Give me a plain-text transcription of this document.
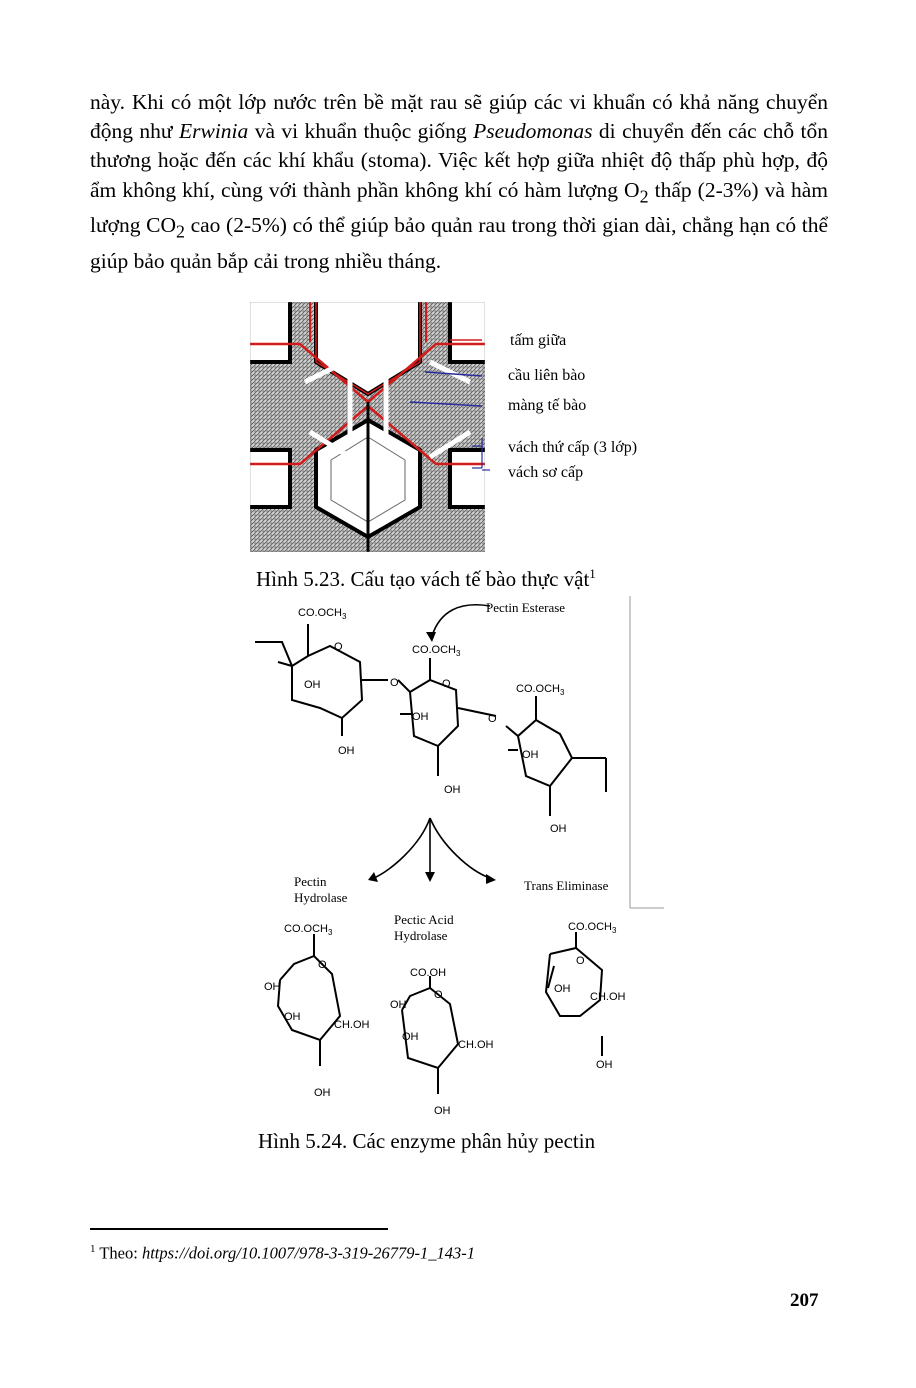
này. Khi có một lớp nước trên bề mặt rau sẽ giúp các vi khuẩn có khả năng chuyển động như Erwinia và vi khuẩn thuộc giống Pseudomonas di chuyển đến các chỗ tổn thương hoặc đến các khí khẩu (stoma). Việc kết hợp giữa nhiệt độ thấp phù hợp, độ ẩm không khí, cùng với thành phần không khí có hàm lượng $O_2$ thấp (2-3%) và hàm lượng $CO_2$ cao (2-5%) có thể giúp bảo quản rau trong thời gian dài, chẳng hạn có thể giúp bảo quản bắp cải trong nhiều tháng.
tấm giữa
cầu liên bào
màng tế bào
vách thứ cấp (3 lớp)
vách sơ cấp
Hình 5.23. Cấu tạo vách tế bào thực vật$^1$
$CO.OCH_3$
O
OH
OH
O
$CO.OCH_3$
O
OH
OH
O
$CO.OCH_3$
OH
OH
Pectin Esterase
Pectin
Hydrolase
Trans Eliminase
Pectic Acid
Hydrolase
$CO.OCH_3$
OH
O
OH
CH.OH
OH
CO.OH
OH
O
OH
CH.OH
OH
$CO.OCH_3$
O
OH
CH.OH
OH
Hình 5.24. Các enzyme phân hủy pectin
$^1$ Theo: https://doi.org/10.1007/978-3-319-26779-1_143-1
207
